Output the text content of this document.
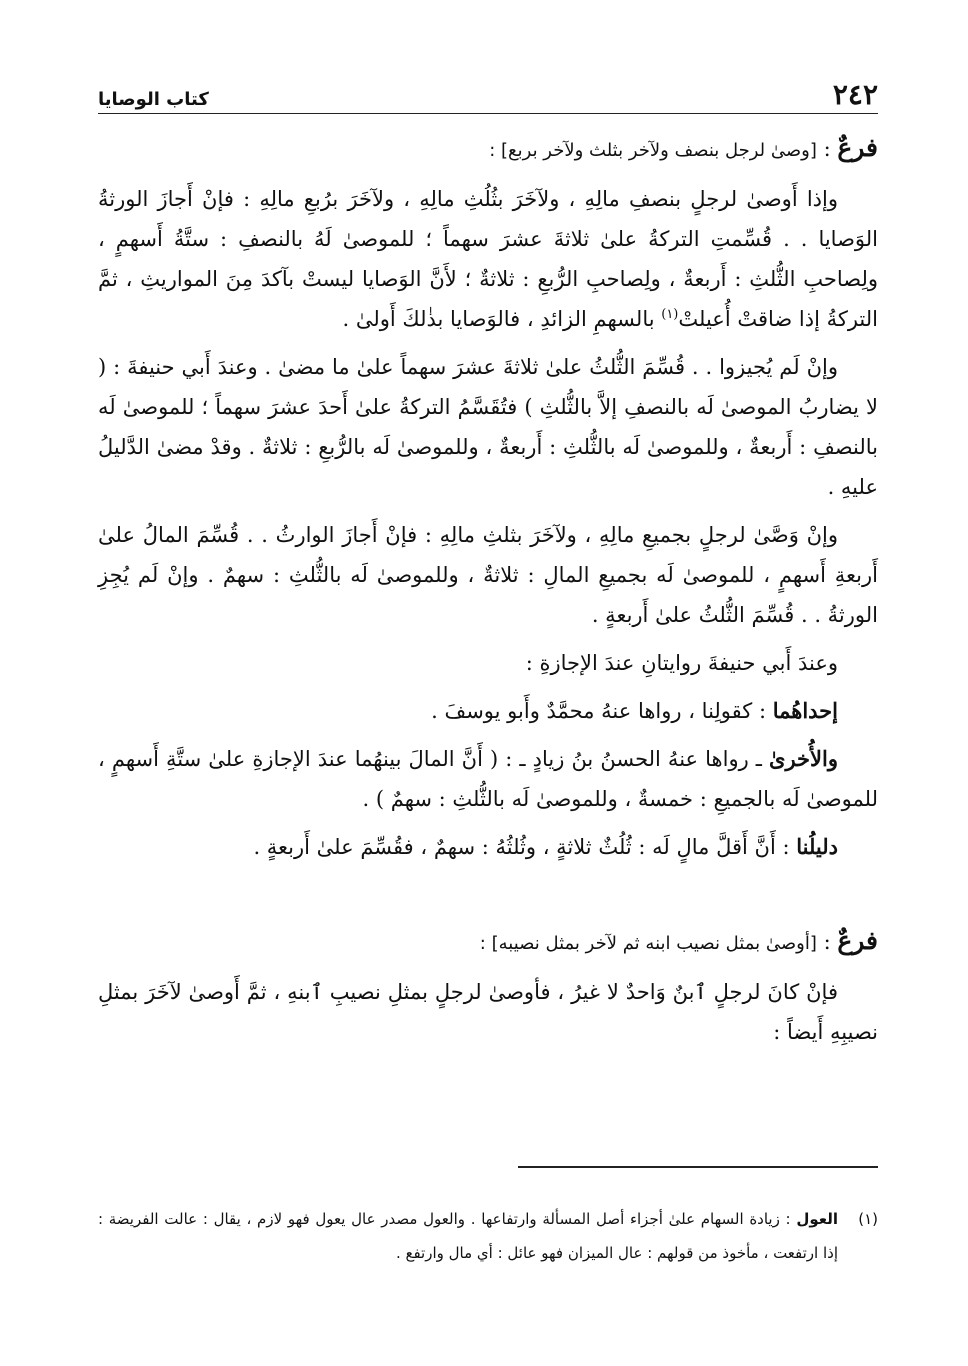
٢٤٢
كتاب الوصايا

فرعٌ : [وصىٰ لرجل بنصف ولآخر بثلث ولآخر بربع] :

وإذا أَوصىٰ لرجلٍ بنصفِ مالِهِ ، ولآخَرَ بثُلُثِ مالِهِ ، ولآخَرَ برُبعِ مالِهِ : فإنْ أَجازَ الورثةُ الوَصايا . . قُسِّمتِ التركةُ علىٰ ثلاثةَ عشرَ سهماً ؛ للموصىٰ لَهُ بالنصفِ : ستَّةُ أَسهمٍ ، ولِصاحبِ الثُّلثِ : أَربعةٌ ، ولِصاحبِ الرُّبعِ : ثلاثةٌ ؛ لأَنَّ الوَصايا ليستْ بآكدَ مِنَ المواريثِ ، ثمَّ التركةُ إذا ضاقتْ أُعيلتْ$^{(١)}$ بالسهمِ الزائدِ ، فالوَصايا بذٰلكَ أَولىٰ .

وإنْ لَم يُجيزوا . . قُسِّمَ الثُّلثُ علىٰ ثلاثةَ عشرَ سهماً علىٰ ما مضىٰ . وعندَ أَبي حنيفةَ : ( لا يضاربُ الموصىٰ لَه بالنصفِ إلاَّ بالثُّلثِ ) فتُقَسَّمُ التركةُ علىٰ أَحدَ عشرَ سهماً ؛ للموصىٰ لَه بالنصفِ : أَربعةٌ ، وللموصىٰ لَه بالثُّلثِ : أَربعةٌ ، وللموصىٰ لَه بالرُّبعِ : ثلاثةٌ . وقدْ مضىٰ الدَّليلُ عليهِ .

وإنْ وَصَّىٰ لرجلٍ بجميعِ مالِهِ ، ولآخَرَ بثلثِ مالِهِ : فإنْ أَجازَ الوارثُ . . قُسِّمَ المالُ علىٰ أَربعةِ أَسهمٍ ، للموصىٰ لَه بجميعِ المالِ : ثلاثةٌ ، وللموصىٰ لَه بالثُّلثِ : سهمٌ . وإنْ لَم يُجِزِ الورثةُ . . قُسِّمَ الثُّلثُ علىٰ أَربعةٍ .

وعندَ أَبي حنيفةَ روايتانِ عندَ الإجازةِ :

إحداهُما : كقولِنا ، رواها عنهُ محمَّدٌ وأَبو يوسفَ .

والأُخرىٰ ـ رواها عنهُ الحسنُ بنُ زيادٍ ـ : ( أَنَّ المالَ بينهُما عندَ الإجازةِ علىٰ ستَّةِ أَسهمٍ ، للموصىٰ لَه بالجميعِ : خمسةٌ ، وللموصىٰ لَه بالثُّلثِ : سهمٌ ) .

دليلُنا : أَنَّ أَقلَّ مالٍ لَه : ثُلُثٌ ثلاثةٍ ، وثُلثُهُ : سهمٌ ، فقُسِّمَ علىٰ أَربعةٍ .

فرعٌ : [أوصىٰ بمثل نصيب ابنه ثم لآخر بمثل نصيبه] :

فإنْ كانَ لرجلٍ ٱبنٌ وَاحدٌ لا غيرُ ، فأوصىٰ لرجلٍ بمثلِ نصيبِ ٱبنهِ ، ثمَّ أَوصىٰ لآخَرَ بمثلِ نصيبِهِ أَيضاً :

(١)
العول : زيادة السهام علىٰ أجزاء أصل المسألة وارتفاعها . والعول مصدر عال يعول فهو لازم ، يقال : عالت الفريضة : إذا ارتفعت ، مأخوذ من قولهم : عال الميزان فهو عائل : أي مال وارتفع .
